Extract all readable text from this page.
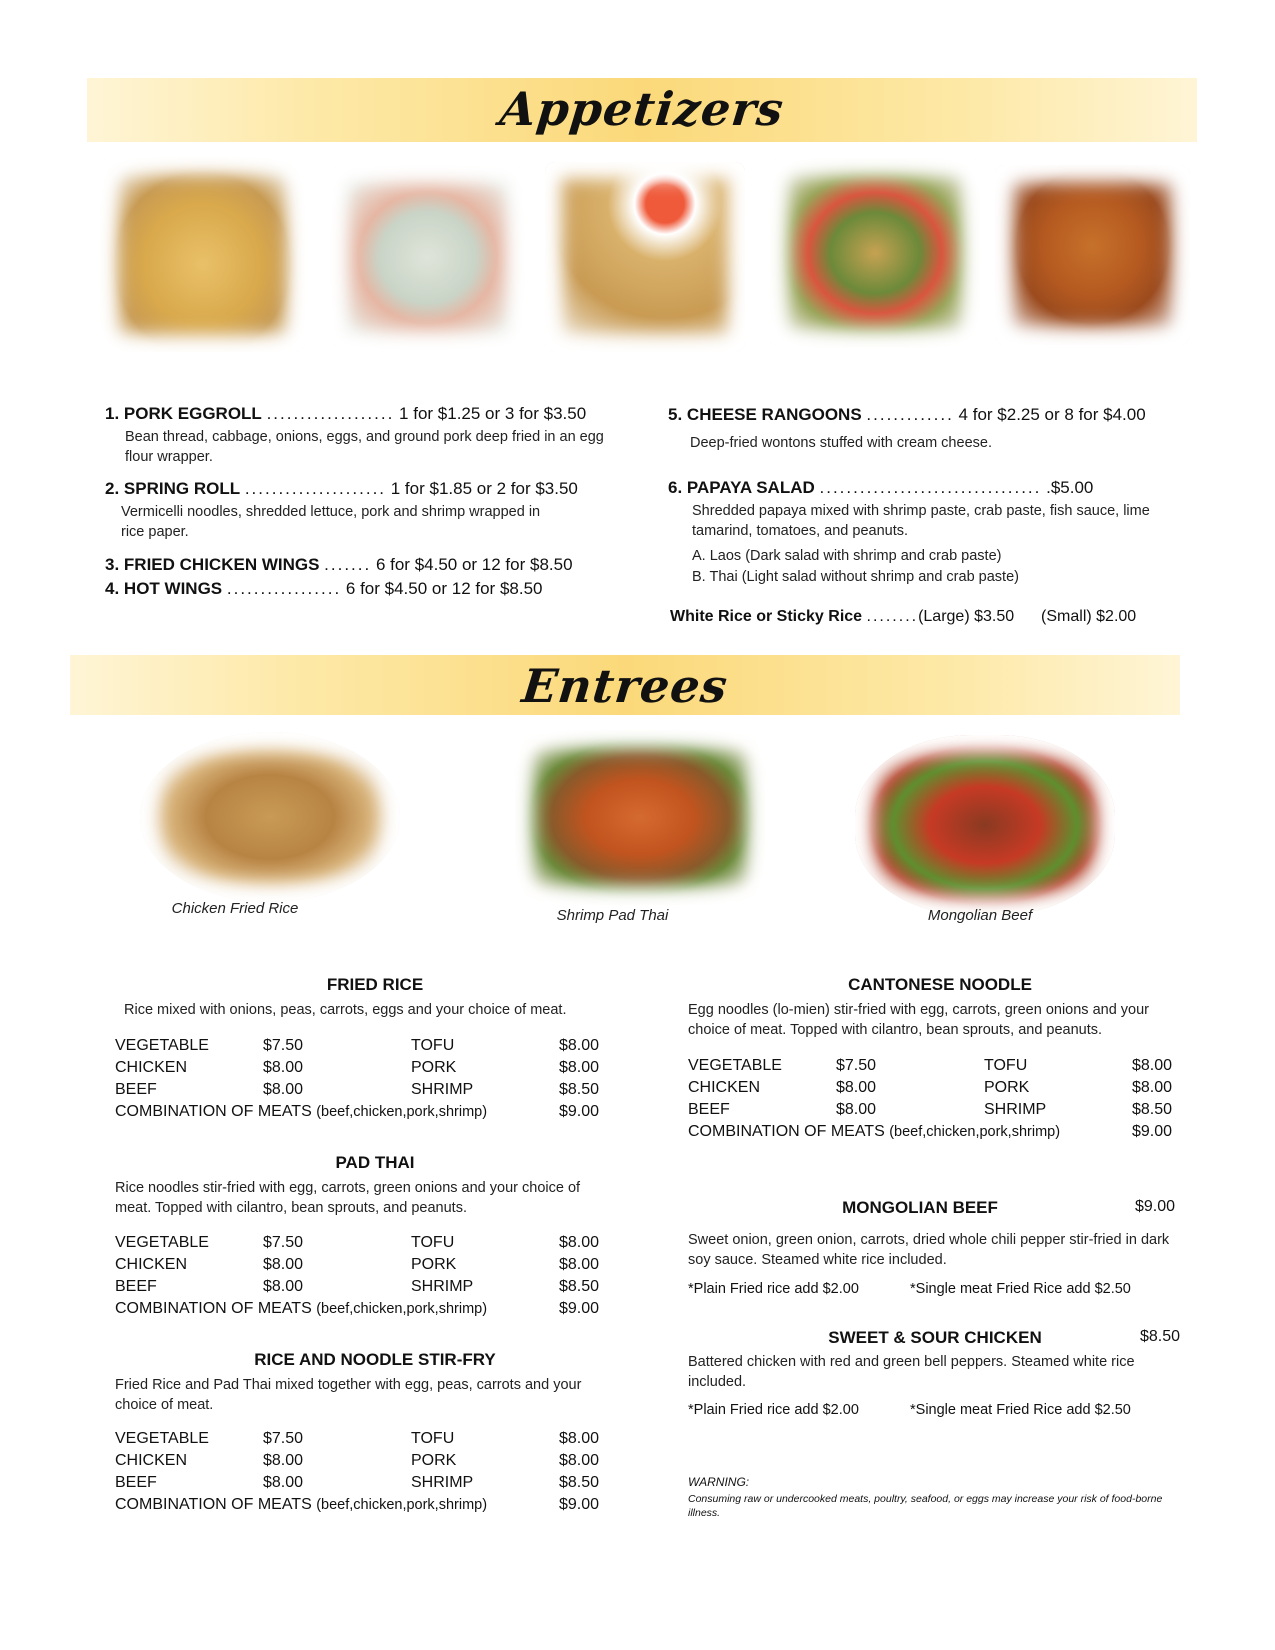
Appetizers
1. PORK EGGROLL ................... 1 for $1.25 or 3 for $3.50
Bean thread, cabbage, onions, eggs, and ground pork deep fried in an egg flour wrapper.
2. SPRING ROLL ..................... 1 for $1.85 or 2 for $3.50
Vermicelli noodles, shredded lettuce, pork and shrimp wrapped in rice paper.
3. FRIED CHICKEN WINGS ....... 6 for $4.50 or 12 for $8.50
4. HOT WINGS ................. 6 for $4.50 or 12 for $8.50
5. CHEESE RANGOONS ............. 4 for $2.25 or 8 for $4.00
Deep-fried wontons stuffed with cream cheese.
6. PAPAYA SALAD ................................. .$5.00
Shredded papaya mixed with shrimp paste, crab paste, fish sauce, lime tamarind, tomatoes, and peanuts.
A. Laos (Dark salad with shrimp and crab paste)
B. Thai (Light salad without shrimp and crab paste)
White Rice or Sticky Rice ........(Large) $3.50 (Small) $2.00
Entrees
Chicken Fried Rice	Shrimp Pad Thai	Mongolian Beef
FRIED RICE
Rice mixed with onions, peas, carrots, eggs and your choice of meat.
VEGETABLE	$7.50	TOFU	$8.00
CHICKEN	$8.00	PORK	$8.00
BEEF	$8.00	SHRIMP	$8.50
COMBINATION OF MEATS (beef,chicken,pork,shrimp)	$9.00
PAD THAI
Rice noodles stir-fried with egg, carrots, green onions and your choice of meat. Topped with cilantro, bean sprouts, and peanuts.
VEGETABLE	$7.50	TOFU	$8.00
CHICKEN	$8.00	PORK	$8.00
BEEF	$8.00	SHRIMP	$8.50
COMBINATION OF MEATS (beef,chicken,pork,shrimp)	$9.00
RICE AND NOODLE STIR-FRY
Fried Rice and Pad Thai mixed together with egg, peas, carrots and your choice of meat.
VEGETABLE	$7.50	TOFU	$8.00
CHICKEN	$8.00	PORK	$8.00
BEEF	$8.00	SHRIMP	$8.50
COMBINATION OF MEATS (beef,chicken,pork,shrimp)	$9.00
CANTONESE NOODLE
Egg noodles (lo-mien) stir-fried with egg, carrots, green onions and your choice of meat. Topped with cilantro, bean sprouts, and peanuts.
VEGETABLE	$7.50	TOFU	$8.00
CHICKEN	$8.00	PORK	$8.00
BEEF	$8.00	SHRIMP	$8.50
COMBINATION OF MEATS (beef,chicken,pork,shrimp)	$9.00
MONGOLIAN BEEF	$9.00
Sweet onion, green onion, carrots, dried whole chili pepper stir-fried in dark soy sauce. Steamed white rice included.
*Plain Fried rice add $2.00	*Single meat Fried Rice add $2.50
SWEET & SOUR CHICKEN	$8.50
Battered chicken with red and green bell peppers. Steamed white rice included.
*Plain Fried rice add $2.00	*Single meat Fried Rice add $2.50
WARNING:
Consuming raw or undercooked meats, poultry, seafood, or eggs may increase your risk of food-borne illness.
